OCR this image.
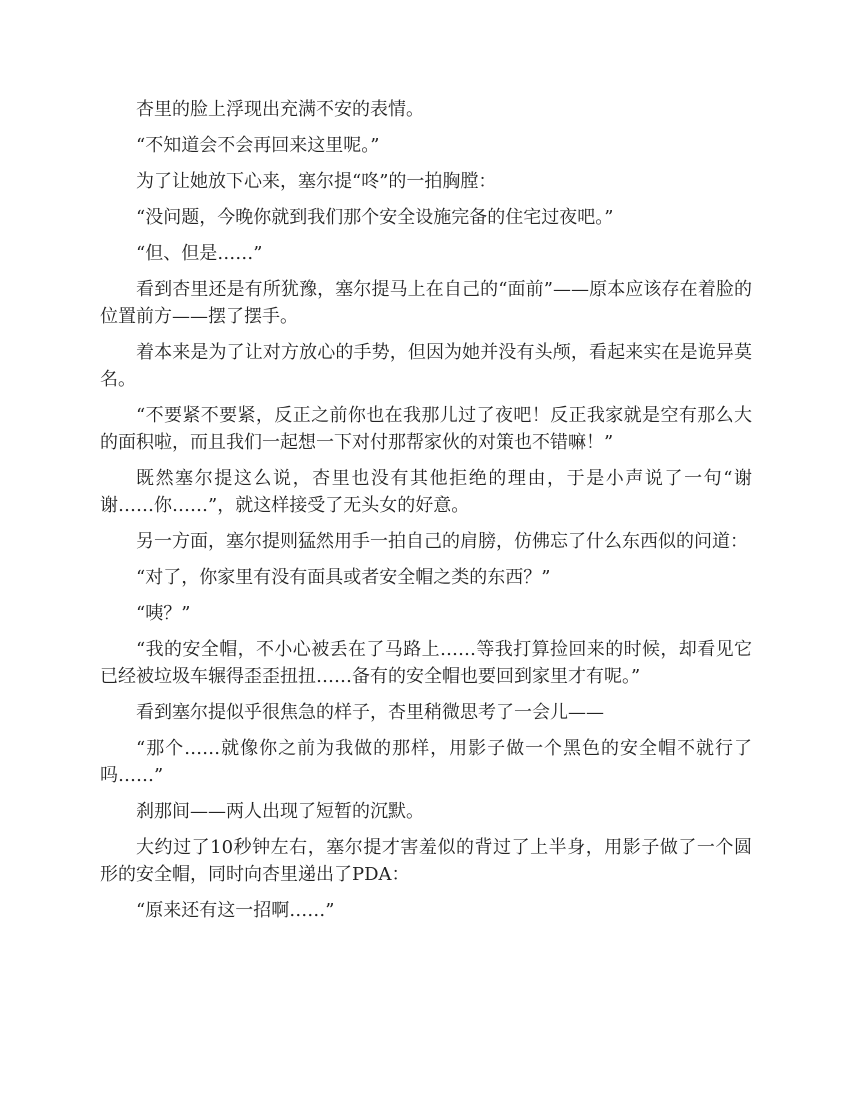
杏里的脸上浮现出充满不安的表情。

“不知道会不会再回来这里呢。”

为了让她放下心来，塞尔提“咚”的一拍胸膛：

“没问题，今晚你就到我们那个安全设施完备的住宅过夜吧。”

“但、但是……”

看到杏里还是有所犹豫，塞尔提马上在自己的“面前”——原本应该存在着脸的位置前方——摆了摆手。

着本来是为了让对方放心的手势，但因为她并没有头颅，看起来实在是诡异莫名。

“不要紧不要紧，反正之前你也在我那儿过了夜吧！反正我家就是空有那么大的面积啦，而且我们一起想一下对付那帮家伙的对策也不错嘛！”

既然塞尔提这么说，杏里也没有其他拒绝的理由，于是小声说了一句“谢谢……你……”，就这样接受了无头女的好意。

另一方面，塞尔提则猛然用手一拍自己的肩膀，仿佛忘了什么东西似的问道：

“对了，你家里有没有面具或者安全帽之类的东西？”

“咦？”

“我的安全帽，不小心被丢在了马路上……等我打算捡回来的时候，却看见它已经被垃圾车辗得歪歪扭扭……备有的安全帽也要回到家里才有呢。”

看到塞尔提似乎很焦急的样子，杏里稍微思考了一会儿——

“那个……就像你之前为我做的那样，用影子做一个黑色的安全帽不就行了吗……”

刹那间——两人出现了短暂的沉默。

大约过了10秒钟左右，塞尔提才害羞似的背过了上半身，用影子做了一个圆形的安全帽，同时向杏里递出了PDA：

“原来还有这一招啊……”
